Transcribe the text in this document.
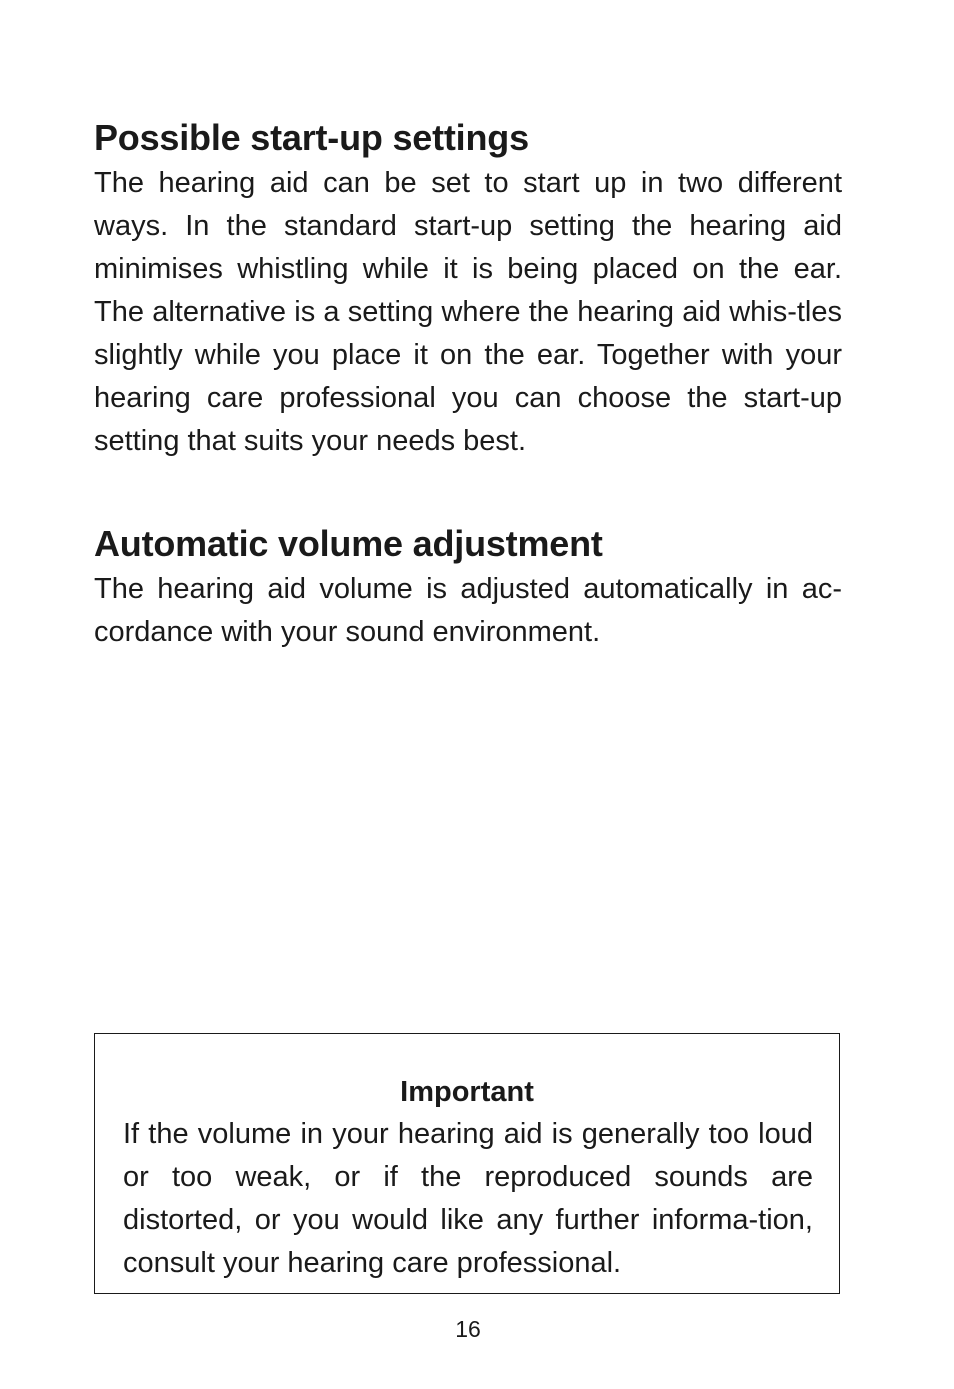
Possible start-up settings

The hearing aid can be set to start up in two different ways. In the standard start-up setting the hearing aid minimises whistling while it is being placed on the ear. The alternative is a setting where the hearing aid whis-tles slightly while you place it on the ear. Together with your hearing care professional you can choose the start-up setting that suits your needs best.

Automatic volume adjustment

The hearing aid volume is adjusted automatically in ac-cordance with your sound environment.

Important

If the volume in your hearing aid is generally too loud or too weak, or if the reproduced sounds are distorted, or you would like any further informa-tion, consult your hearing care professional.

16
